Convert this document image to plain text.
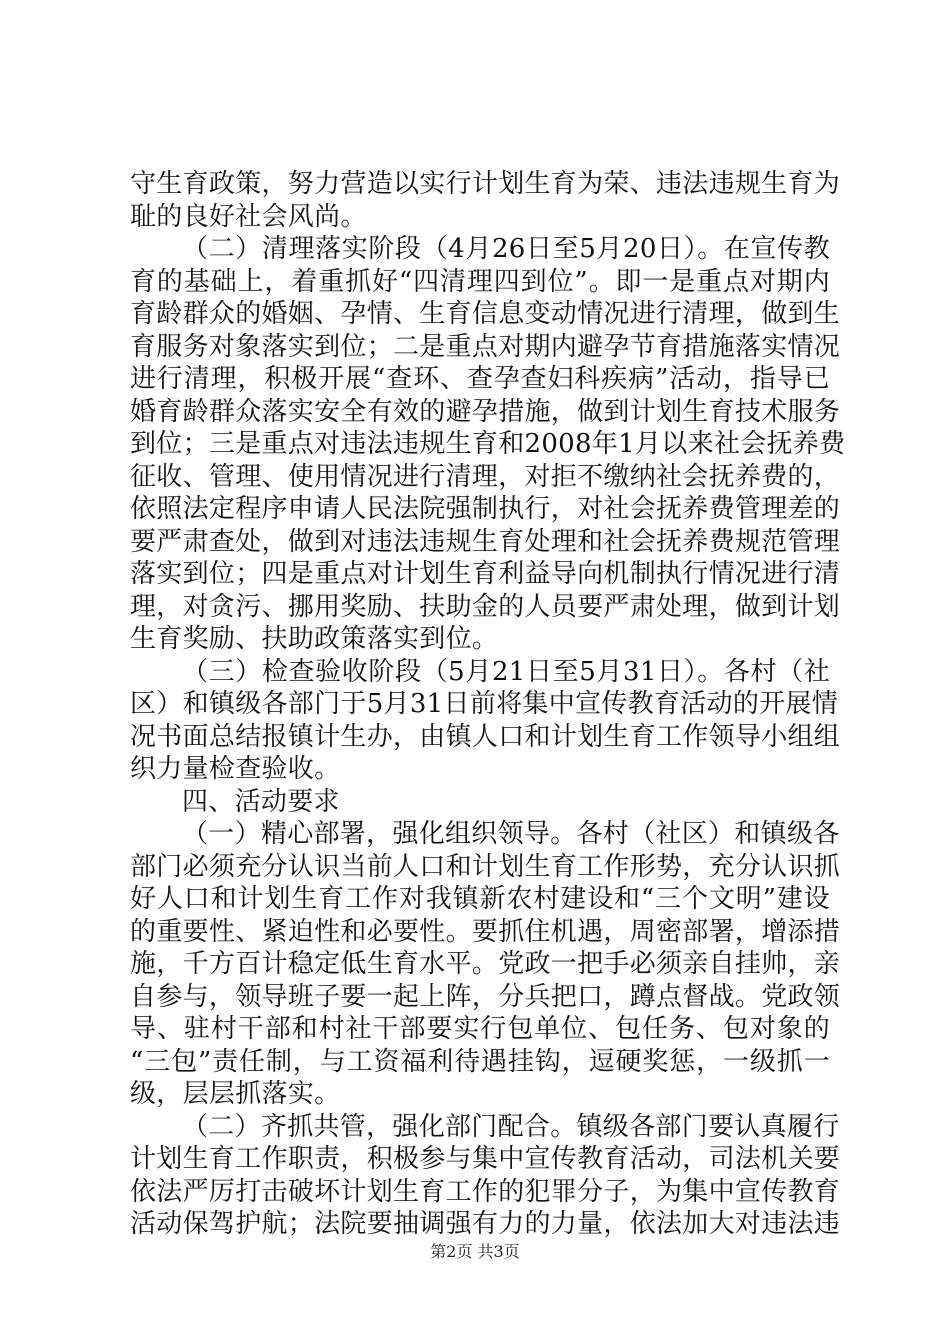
守生育政策，努力营造以实行计划生育为荣、违法违规生育为
耻的良好社会风尚。
（二）清理落实阶段（4月26日至5月20日）。在宣传教
育的基础上，着重抓好“四清理四到位”。即一是重点对期内
育龄群众的婚姻、孕情、生育信息变动情况进行清理，做到生
育服务对象落实到位；二是重点对期内避孕节育措施落实情况
进行清理，积极开展“查环、查孕查妇科疾病”活动，指导已
婚育龄群众落实安全有效的避孕措施，做到计划生育技术服务
到位；三是重点对违法违规生育和2008年1月以来社会抚养费
征收、管理、使用情况进行清理，对拒不缴纳社会抚养费的，
依照法定程序申请人民法院强制执行，对社会抚养费管理差的
要严肃查处，做到对违法违规生育处理和社会抚养费规范管理
落实到位；四是重点对计划生育利益导向机制执行情况进行清
理，对贪污、挪用奖励、扶助金的人员要严肃处理，做到计划
生育奖励、扶助政策落实到位。
（三）检查验收阶段（5月21日至5月31日）。各村（社
区）和镇级各部门于5月31日前将集中宣传教育活动的开展情
况书面总结报镇计生办，由镇人口和计划生育工作领导小组组
织力量检查验收。
四、活动要求
（一）精心部署，强化组织领导。各村（社区）和镇级各
部门必须充分认识当前人口和计划生育工作形势，充分认识抓
好人口和计划生育工作对我镇新农村建设和“三个文明”建设
的重要性、紧迫性和必要性。要抓住机遇，周密部署，增添措
施，千方百计稳定低生育水平。党政一把手必须亲自挂帅，亲
自参与，领导班子要一起上阵，分兵把口，蹲点督战。党政领
导、驻村干部和村社干部要实行包单位、包任务、包对象的
“三包”责任制，与工资福利待遇挂钩，逗硬奖惩，一级抓一
级，层层抓落实。
（二）齐抓共管，强化部门配合。镇级各部门要认真履行
计划生育工作职责，积极参与集中宣传教育活动，司法机关要
依法严厉打击破坏计划生育工作的犯罪分子，为集中宣传教育
活动保驾护航；法院要抽调强有力的力量，依法加大对违法违
第2页 共3页
